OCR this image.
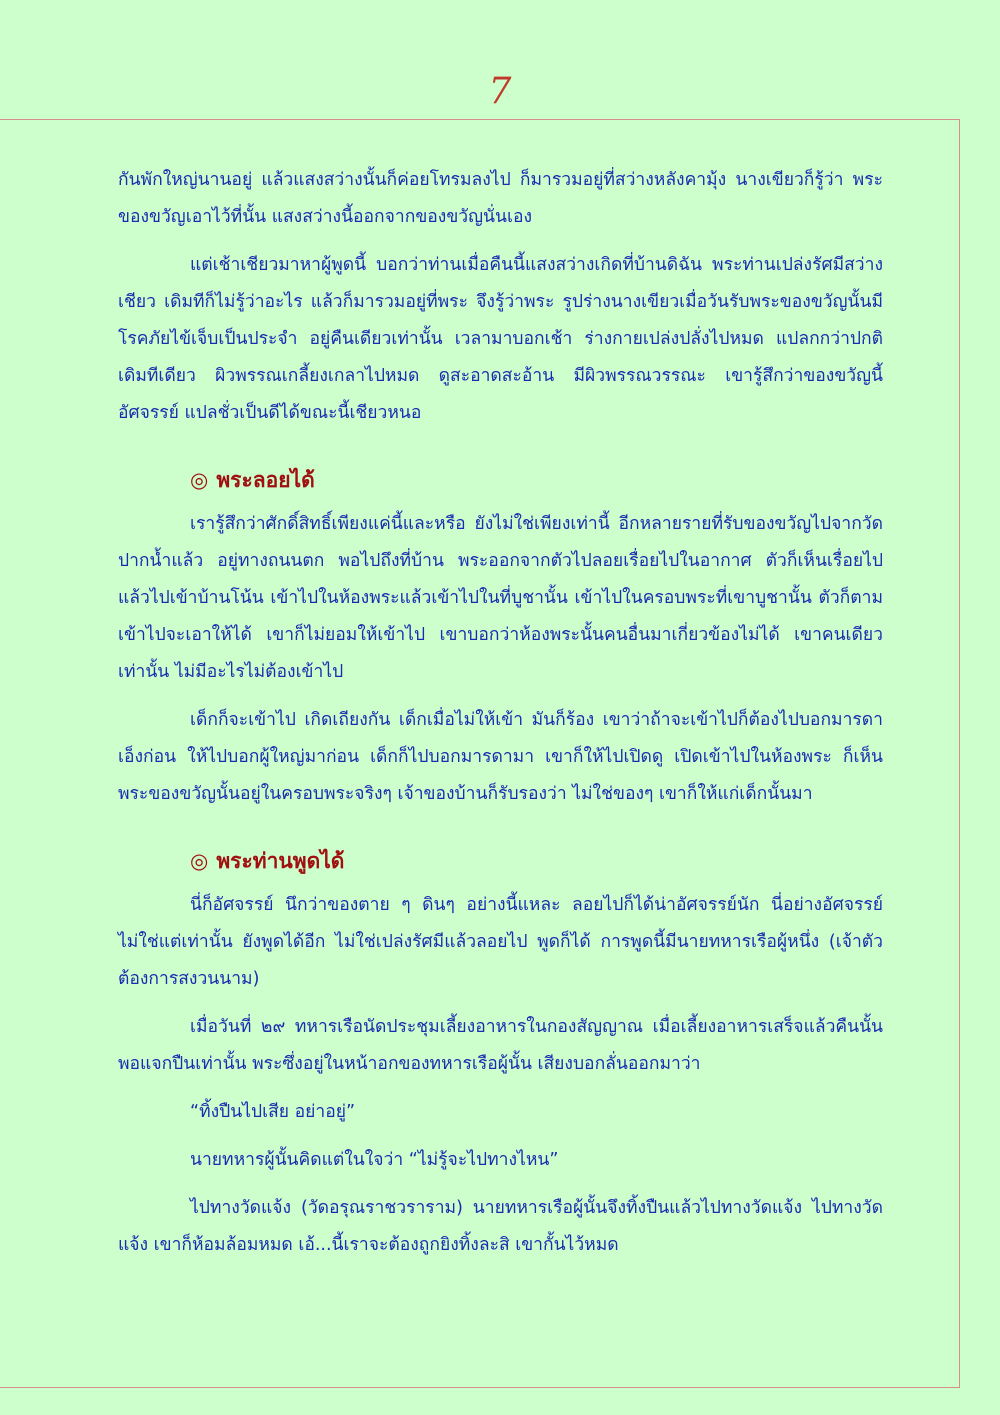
7

กันพักใหญ่นานอยู่ แล้วแสงสว่างนั้นก็ค่อยโทรมลงไป ก็มารวมอยู่ที่สว่างหลังคามุ้ง นางเขียวก็รู้ว่า พระของขวัญเอาไว้ที่นั้น แสงสว่างนี้ออกจากของขวัญนั่นเอง

แต่เช้าเชียวมาหาผู้พูดนี้ บอกว่าท่านเมื่อคืนนี้แสงสว่างเกิดที่บ้านดิฉัน พระท่านเปล่งรัศมีสว่างเชียว เดิมทีก็ไม่รู้ว่าอะไร แล้วก็มารวมอยู่ที่พระ จึงรู้ว่าพระ รูปร่างนางเขียวเมื่อวันรับพระของขวัญนั้นมีโรคภัยไข้เจ็บเป็นประจำ อยู่คืนเดียวเท่านั้น เวลามาบอกเช้า ร่างกายเปล่งปลั่งไปหมด แปลกกว่าปกติเดิมทีเดียว ผิวพรรณเกลี้ยงเกลาไปหมด ดูสะอาดสะอ้าน มีผิวพรรณวรรณะ เขารู้สึกว่าของขวัญนี้อัศจรรย์ แปลชั่วเป็นดีได้ขณะนี้เชียวหนอ

◎ พระลอยได้

เรารู้สึกว่าศักดิ์สิทธิ์เพียงแค่นี้และหรือ ยังไม่ใช่เพียงเท่านี้ อีกหลายรายที่รับของขวัญไปจากวัดปากน้ำแล้ว อยู่ทางถนนตก พอไปถึงที่บ้าน พระออกจากตัวไปลอยเรื่อยไปในอากาศ ตัวก็เห็นเรื่อยไป แล้วไปเข้าบ้านโน้น เข้าไปในห้องพระแล้วเข้าไปในที่บูชานั้น เข้าไปในครอบพระที่เขาบูชานั้น ตัวก็ตามเข้าไปจะเอาให้ได้ เขาก็ไม่ยอมให้เข้าไป เขาบอกว่าห้องพระนั้นคนอื่นมาเกี่ยวข้องไม่ได้ เขาคนเดียวเท่านั้น ไม่มีอะไรไม่ต้องเข้าไป

เด็กก็จะเข้าไป เกิดเถียงกัน เด็กเมื่อไม่ให้เข้า มันก็ร้อง เขาว่าถ้าจะเข้าไปก็ต้องไปบอกมารดาเอ็งก่อน ให้ไปบอกผู้ใหญ่มาก่อน เด็กก็ไปบอกมารดามา เขาก็ให้ไปเปิดดู เปิดเข้าไปในห้องพระ ก็เห็นพระของขวัญนั้นอยู่ในครอบพระจริงๆ เจ้าของบ้านก็รับรองว่า ไม่ใช่ของๆ เขาก็ให้แก่เด็กนั้นมา

◎ พระท่านพูดได้

นี่ก็อัศจรรย์ นึกว่าของตาย ๆ ดินๆ อย่างนี้แหละ ลอยไปก็ได้น่าอัศจรรย์นัก นี่อย่างอัศจรรย์ ไม่ใช่แต่เท่านั้น ยังพูดได้อีก ไม่ใช่เปล่งรัศมีแล้วลอยไป พูดก็ได้ การพูดนี้มีนายทหารเรือผู้หนึ่ง (เจ้าตัวต้องการสงวนนาม)

เมื่อวันที่ ๒๙ ทหารเรือนัดประชุมเลี้ยงอาหารในกองสัญญาณ เมื่อเลี้ยงอาหารเสร็จแล้วคืนนั้น พอแจกปืนเท่านั้น พระซึ่งอยู่ในหน้าอกของทหารเรือผู้นั้น เสียงบอกลั่นออกมาว่า

“ทิ้งปืนไปเสีย อย่าอยู่”

นายทหารผู้นั้นคิดแต่ในใจว่า “ไม่รู้จะไปทางไหน”

ไปทางวัดแจ้ง (วัดอรุณราชวราราม) นายทหารเรือผู้นั้นจึงทิ้งปืนแล้วไปทางวัดแจ้ง ไปทางวัดแจ้ง เขาก็ห้อมล้อมหมด เอ้...นี้เราจะต้องถูกยิงทิ้งละสิ เขากั้นไว้หมด
